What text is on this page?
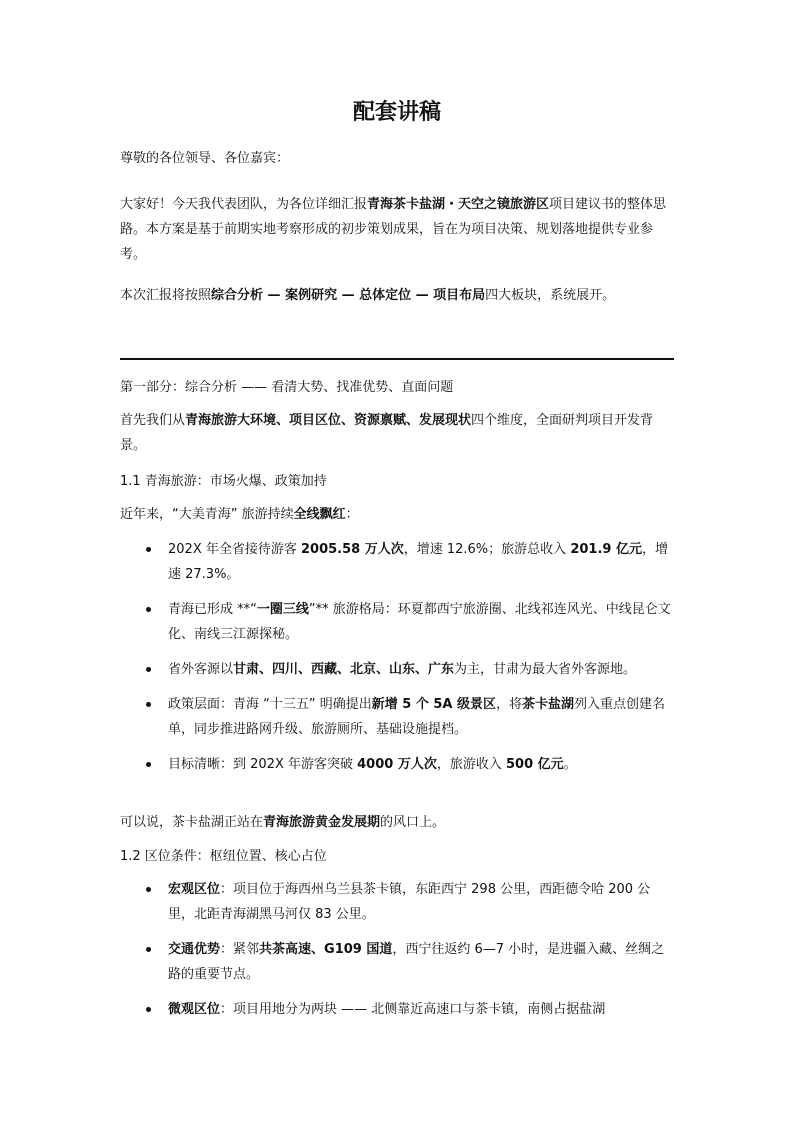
配套讲稿

尊敬的各位领导、各位嘉宾：

大家好！今天我代表团队，为各位详细汇报青海茶卡盐湖・天空之镜旅游区项目建议书的整体思路。本方案是基于前期实地考察形成的初步策划成果，旨在为项目决策、规划落地提供专业参考。

本次汇报将按照综合分析 — 案例研究 — 总体定位 — 项目布局四大板块，系统展开。

第一部分：综合分析 —— 看清大势、找准优势、直面问题

首先我们从青海旅游大环境、项目区位、资源禀赋、发展现状四个维度，全面研判项目开发背景。

1.1 青海旅游：市场火爆、政策加持

近年来，“大美青海” 旅游持续全线飘红：

202X 年全省接待游客 2005.58 万人次，增速 12.6%；旅游总收入 201.9 亿元，增速 27.3%。
青海已形成 **“一圈三线”** 旅游格局：环夏都西宁旅游圈、北线祁连风光、中线昆仑文化、南线三江源探秘。
省外客源以甘肃、四川、西藏、北京、山东、广东为主，甘肃为最大省外客源地。
政策层面：青海 “十三五” 明确提出新增 5 个 5A 级景区，将茶卡盐湖列入重点创建名单，同步推进路网升级、旅游厕所、基础设施提档。
目标清晰：到 202X 年游客突破 4000 万人次，旅游收入 500 亿元。

可以说，茶卡盐湖正站在青海旅游黄金发展期的风口上。

1.2 区位条件：枢纽位置、核心占位

宏观区位：项目位于海西州乌兰县茶卡镇，东距西宁 298 公里，西距德令哈 200 公里，北距青海湖黑马河仅 83 公里。
交通优势：紧邻共茶高速、G109 国道，西宁往返约 6—7 小时，是进疆入藏、丝绸之路的重要节点。
微观区位：项目用地分为两块 —— 北侧靠近高速口与茶卡镇，南侧占据盐湖
